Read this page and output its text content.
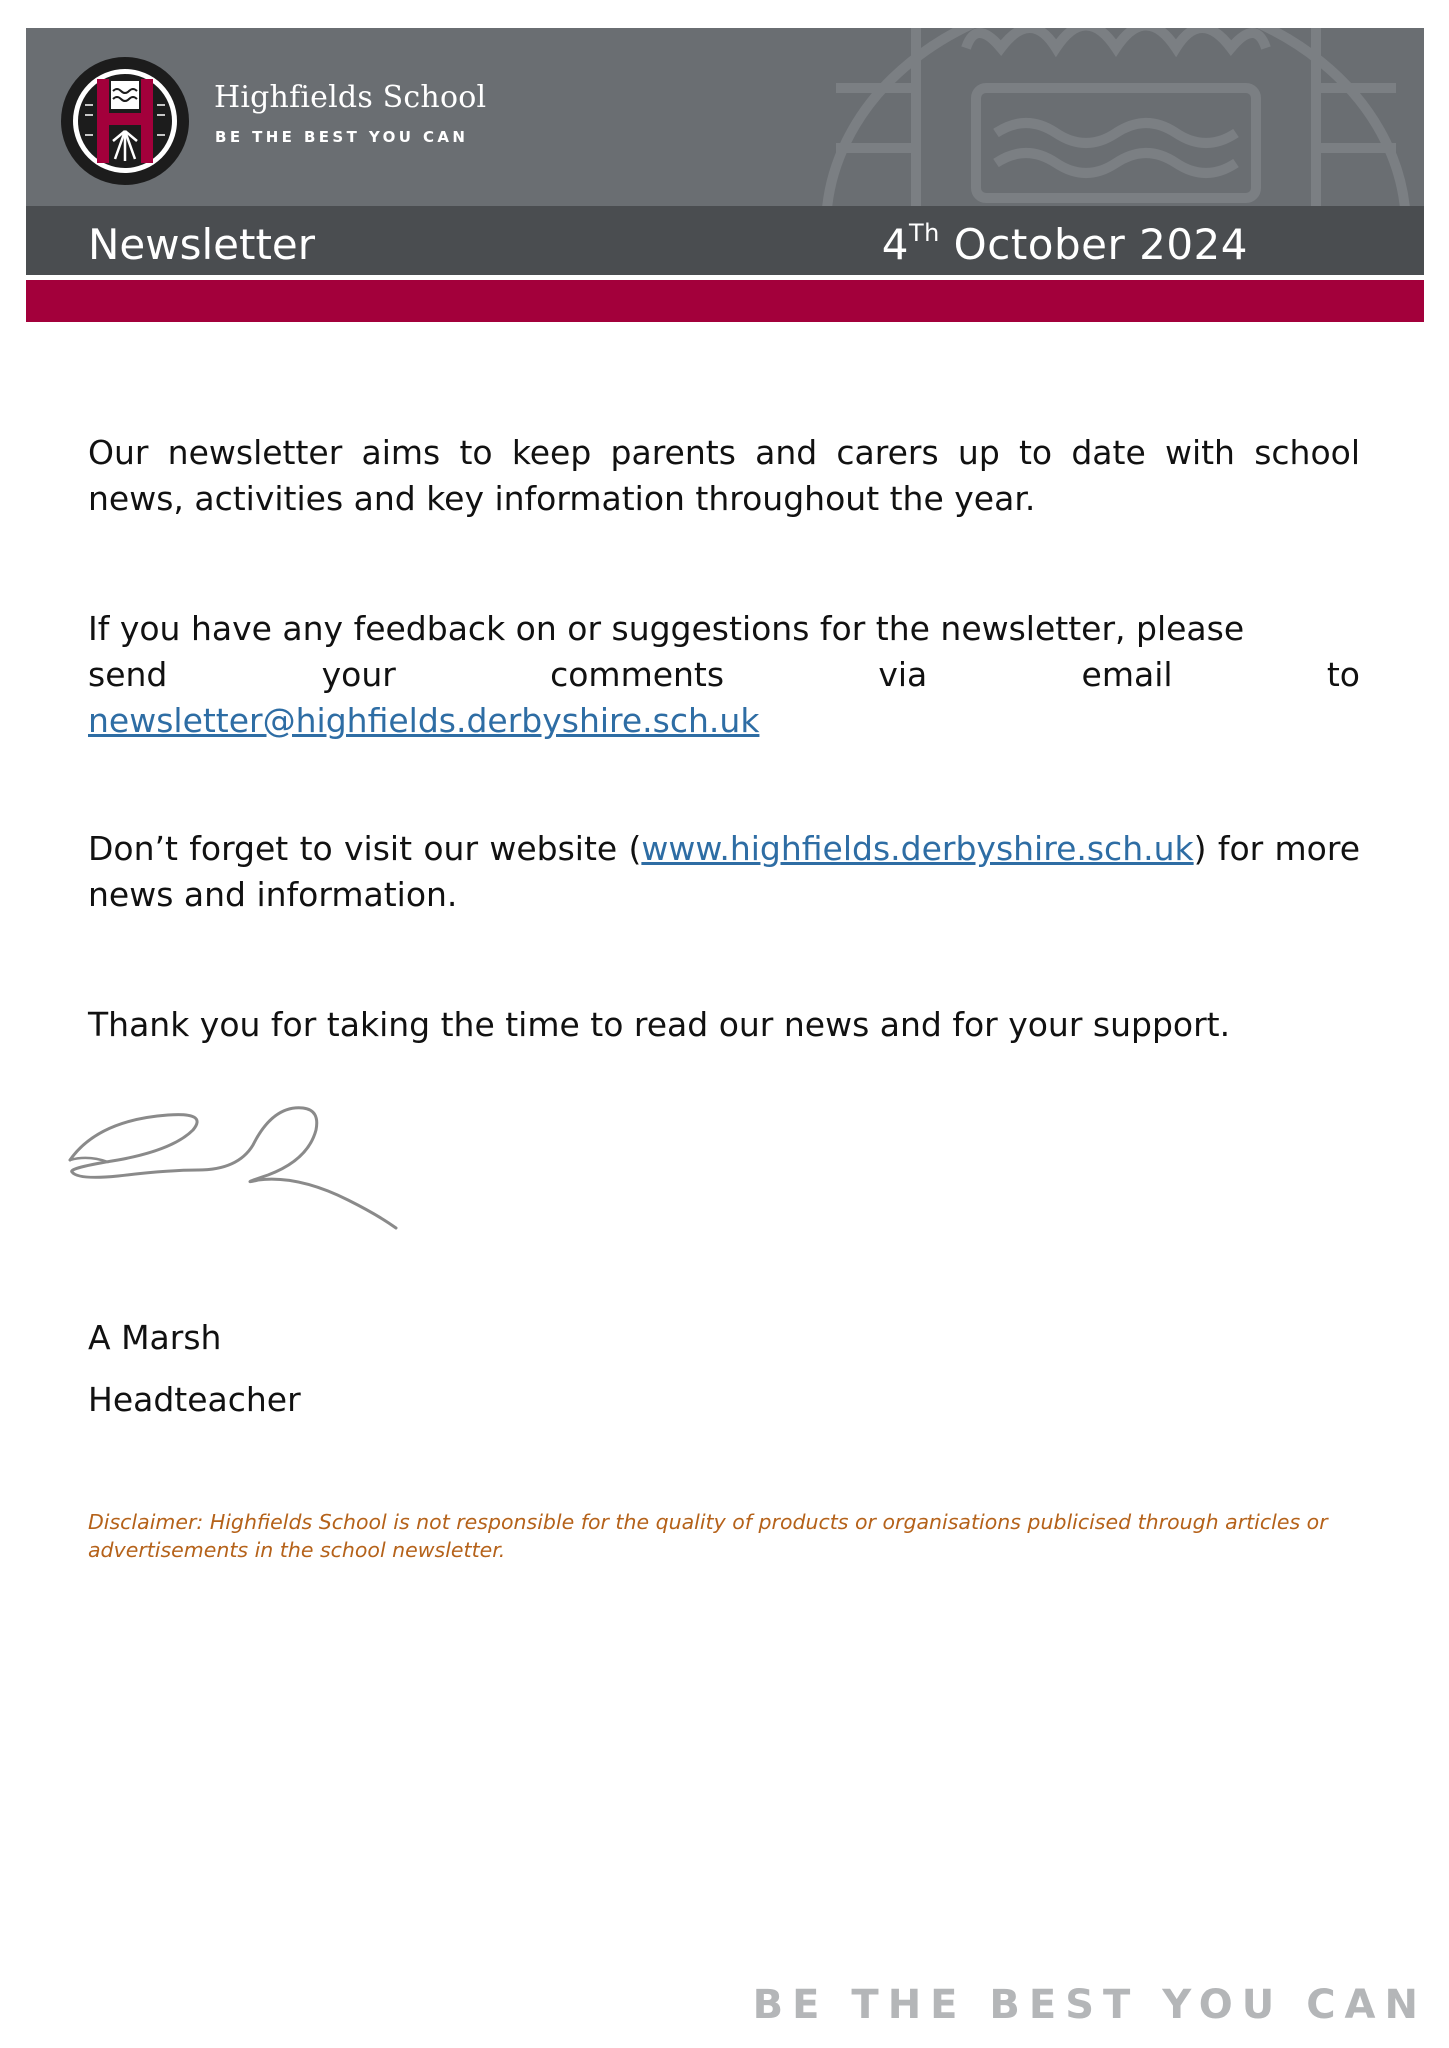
Highfields School
BE THE BEST YOU CAN
Newsletter	4Th October 2024
Our newsletter aims to keep parents and carers up to date with school news, activities and key information throughout the year.
If you have any feedback on or suggestions for the newsletter, please
send	your	comments	via	email	to
newsletter@highfields.derbyshire.sch.uk
Don’t forget to visit our website (www.highfields.derbyshire.sch.uk) for more news and information.
Thank you for taking the time to read our news and for your support.
A Marsh
Headteacher
Disclaimer: Highfields School is not responsible for the quality of products or organisations publicised through articles or advertisements in the school newsletter.
BE THE BEST YOU CAN
